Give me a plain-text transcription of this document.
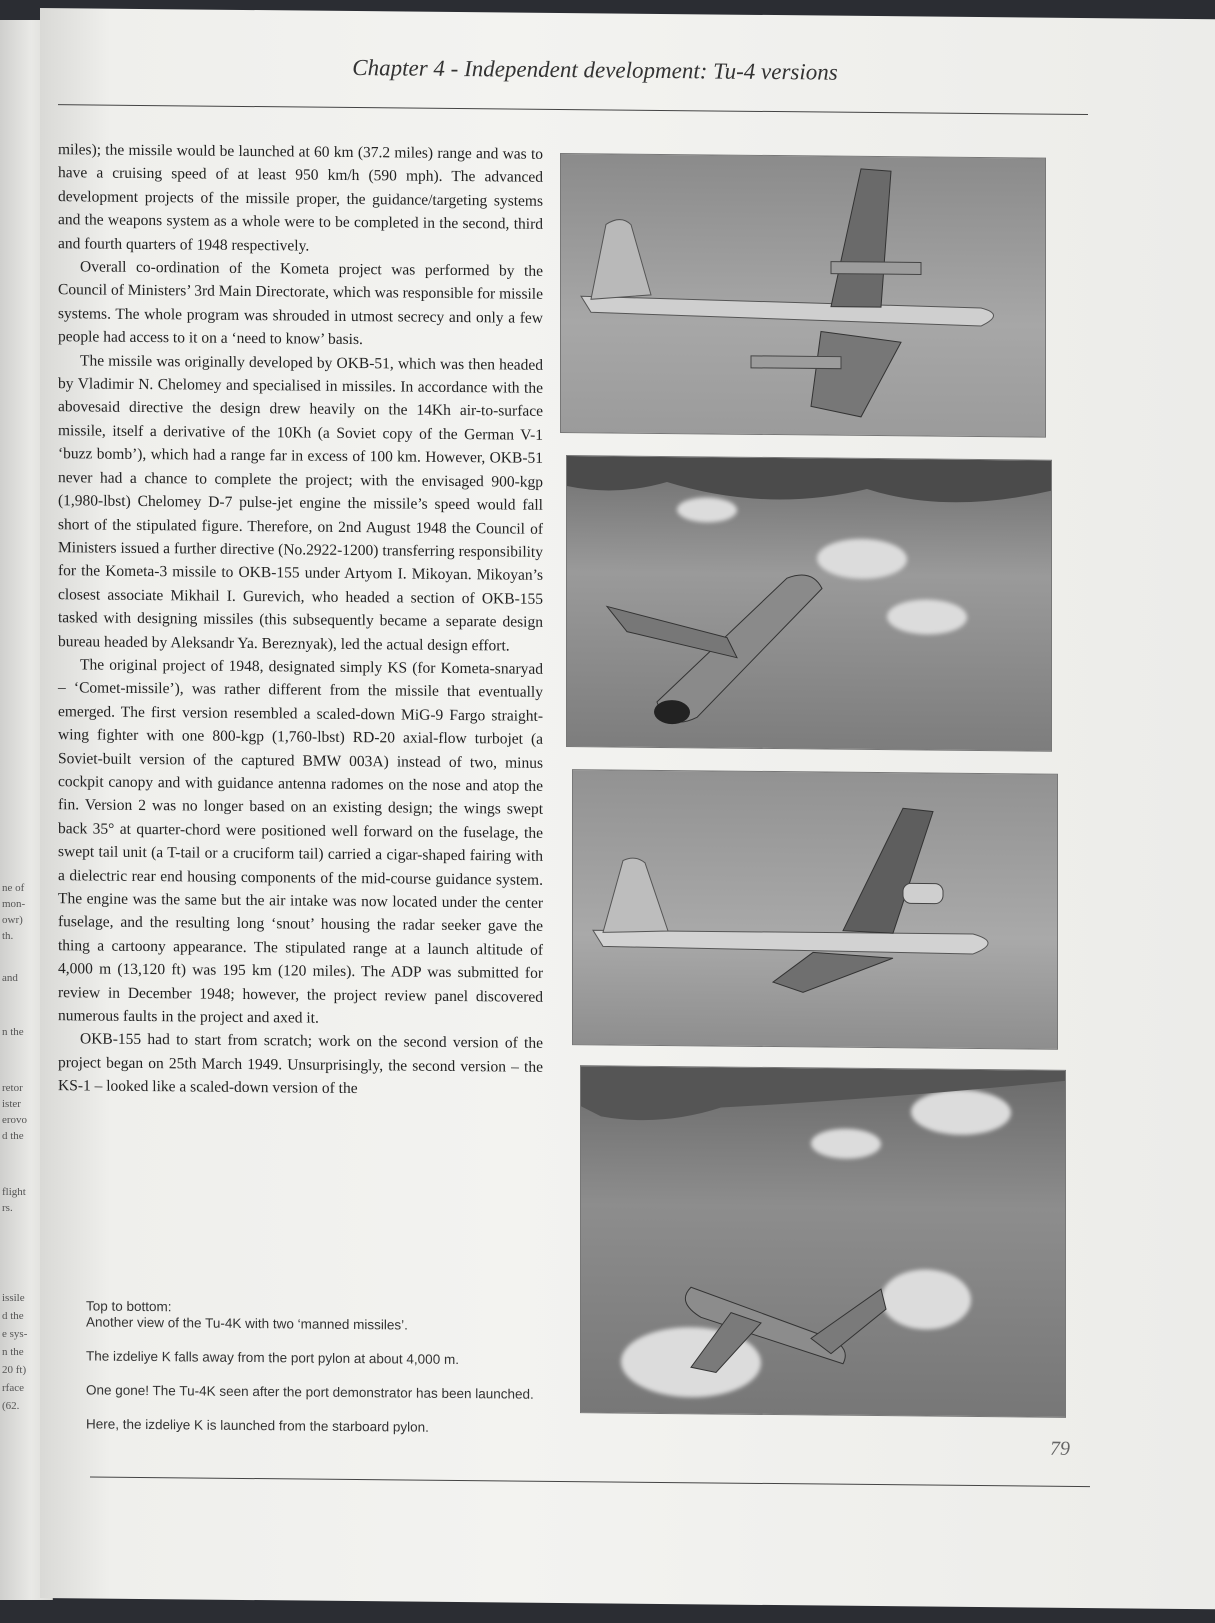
ne of
mon-
owr)
th.
and
n the
retor
ister
erovo
d the
flight
rs.
issile
d the
e sys-
n the
20 ft)
rface
(62.
Chapter 4 - Independent development: Tu-4 versions

miles); the missile would be launched at 60 km (37.2 miles) range and was to have a cruising speed of at least 950 km/h (590 mph). The advanced development projects of the missile proper, the guidance/targeting systems and the weapons system as a whole were to be completed in the second, third and fourth quarters of 1948 respectively.

Overall co-ordination of the Kometa project was performed by the Council of Ministers’ 3rd Main Directorate, which was responsible for missile systems. The whole program was shrouded in utmost secrecy and only a few people had access to it on a ‘need to know’ basis.

The missile was originally developed by OKB-51, which was then headed by Vladimir N. Chelomey and specialised in missiles. In accordance with the abovesaid directive the design drew heavily on the 14Kh air-to-surface missile, itself a derivative of the 10Kh (a Soviet copy of the German V-1 ‘buzz bomb’), which had a range far in excess of 100 km. However, OKB-51 never had a chance to complete the project; with the envisaged 900-kgp (1,980-lbst) Chelomey D-7 pulse-jet engine the missile’s speed would fall short of the stipulated figure. Therefore, on 2nd August 1948 the Council of Ministers issued a further directive (No.2922-1200) transferring responsibility for the Kometa-3 missile to OKB-155 under Artyom I. Mikoyan. Mikoyan’s closest associate Mikhail I. Gurevich, who headed a section of OKB-155 tasked with designing missiles (this subsequently became a separate design bureau headed by Aleksandr Ya. Bereznyak), led the actual design effort.

The original project of 1948, designated simply KS (for Kometa-snaryad – ‘Comet-missile’), was rather different from the missile that eventually emerged. The first version resembled a scaled-down MiG-9 Fargo straight-wing fighter with one 800-kgp (1,760-lbst) RD-20 axial-flow turbojet (a Soviet-built version of the captured BMW 003A) instead of two, minus cockpit canopy and with guidance antenna radomes on the nose and atop the fin. Version 2 was no longer based on an existing design; the wings swept back 35° at quarter-chord were positioned well forward on the fuselage, the swept tail unit (a T-tail or a cruciform tail) carried a cigar-shaped fairing with a dielectric rear end housing components of the mid-course guidance system. The engine was the same but the air intake was now located under the center fuselage, and the resulting long ‘snout’ housing the radar seeker gave the thing a cartoony appearance. The stipulated range at a launch altitude of 4,000 m (13,120 ft) was 195 km (120 miles). The ADP was submitted for review in December 1948; however, the project review panel discovered numerous faults in the project and axed it.

OKB-155 had to start from scratch; work on the second version of the project began on 25th March 1949. Unsurprisingly, the second version – the KS-1 – looked like a scaled-down version of the

Top to bottom:

Another view of the Tu-4K with two ‘manned missiles’.

The izdeliye K falls away from the port pylon at about 4,000 m.

One gone! The Tu-4K seen after the port demonstrator has been launched.

Here, the izdeliye K is launched from the starboard pylon.

79
